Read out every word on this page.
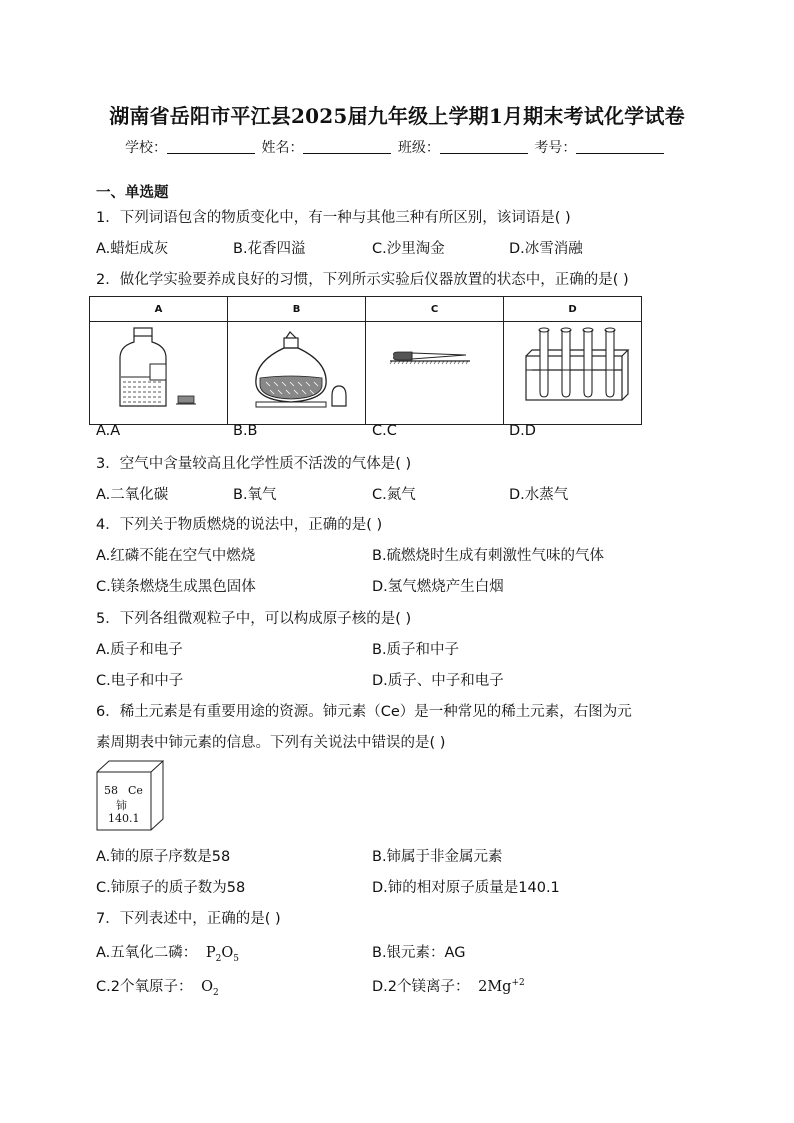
湖南省岳阳市平江县2025届九年级上学期1月期末考试化学试卷
学校：	姓名：	班级：	考号：
一、单选题
1．下列词语包含的物质变化中，有一种与其他三种有所区别，该词语是( )
A.蜡炬成灰	B.花香四溢	C.沙里淘金	D.冰雪消融
2．做化学实验要养成良好的习惯，下列所示实验后仪器放置的状态中，正确的是( )
A	B	C	D

A.A	B.B	C.C	D.D
3．空气中含量较高且化学性质不活泼的气体是( )
A.二氧化碳	B.氧气	C.氮气	D.水蒸气
4．下列关于物质燃烧的说法中，正确的是( )
A.红磷不能在空气中燃烧	B.硫燃烧时生成有刺激性气味的气体
C.镁条燃烧生成黑色固体	D.氢气燃烧产生白烟
5．下列各组微观粒子中，可以构成原子核的是( )
A.质子和电子	B.质子和中子
C.电子和中子	D.质子、中子和电子
6．稀土元素是有重要用途的资源。铈元素（Ce）是一种常见的稀土元素，右图为元
素周期表中铈元素的信息。下列有关说法中错误的是( )
58 Ce
铈
140.1
A.铈的原子序数是58	B.铈属于非金属元素
C.铈原子的质子数为58	D.铈的相对原子质量是140.1
7．下列表述中，正确的是( )
A.五氧化二磷： $P_2O_5$	B.银元素：AG
C.2个氧原子： $O_2$	D.2个镁离子： $2Mg^{+2}$
